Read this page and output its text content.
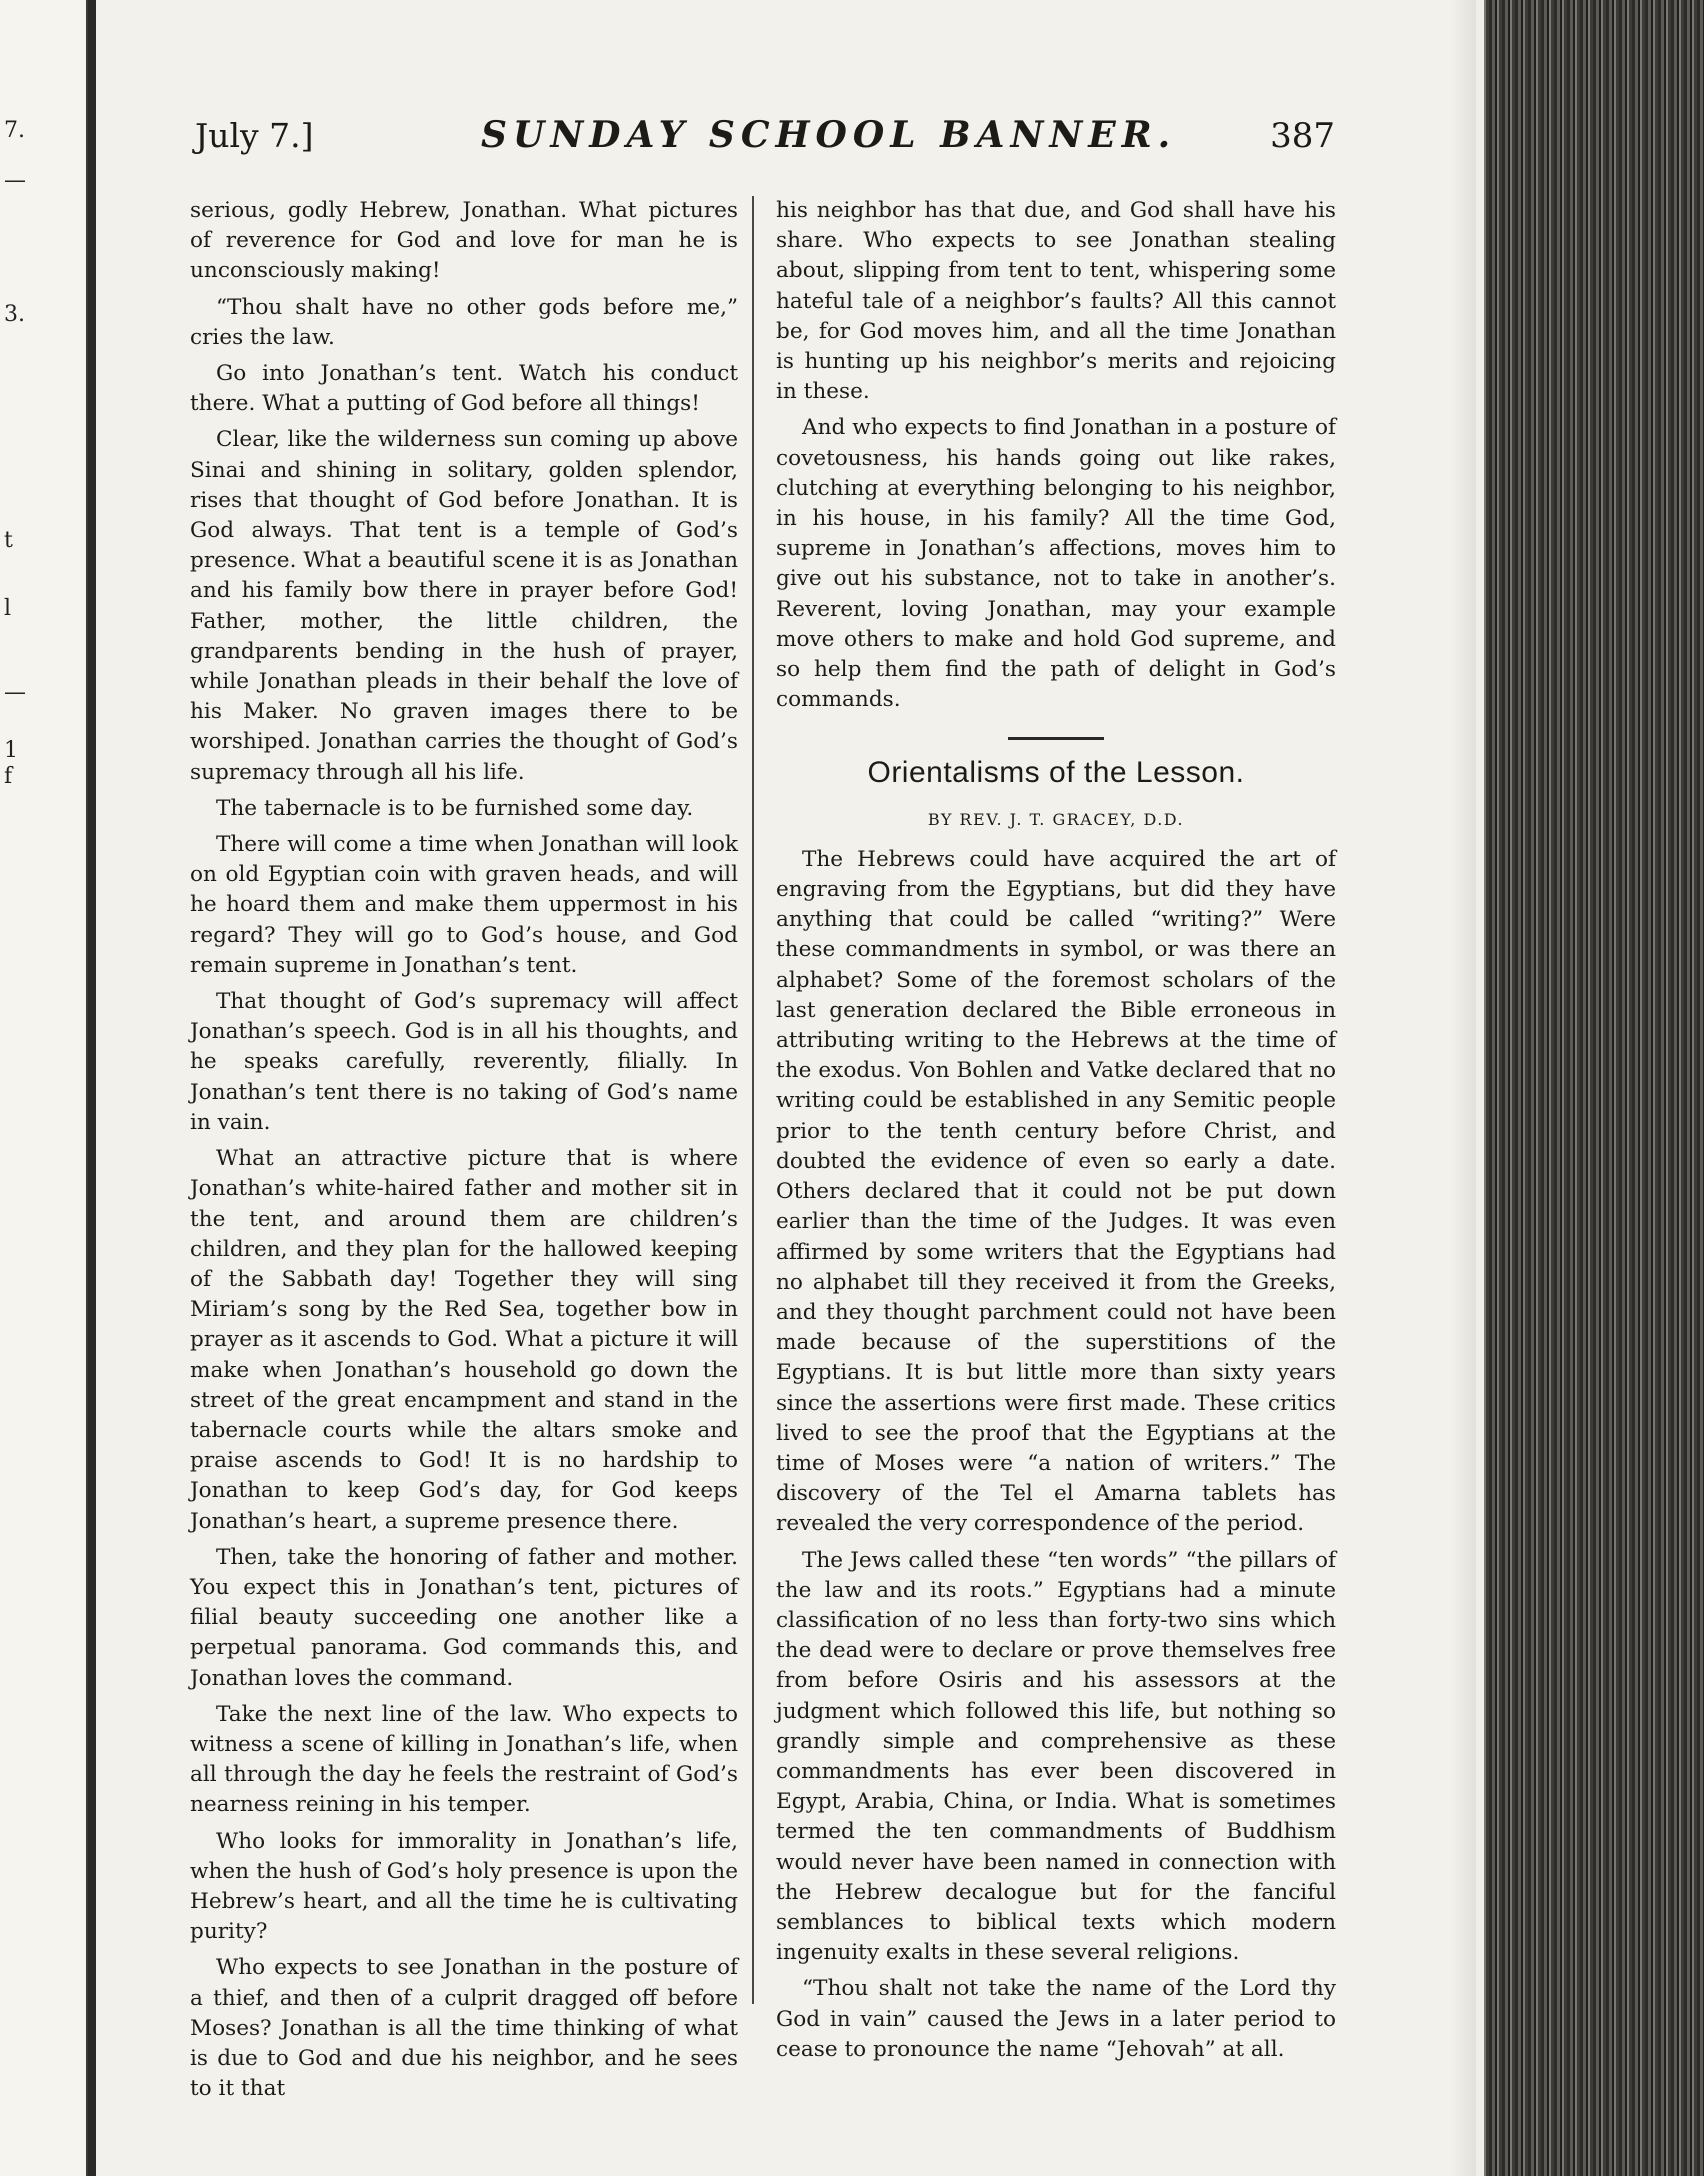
7.
—
3.
t
l
—
1
f
July 7.]	SUNDAY SCHOOL BANNER.	387

serious, godly Hebrew, Jonathan. What pictures of reverence for God and love for man he is unconsciously making!

“Thou shalt have no other gods before me,” cries the law.

Go into Jonathan’s tent. Watch his conduct there. What a putting of God before all things!

Clear, like the wilderness sun coming up above Sinai and shining in solitary, golden splendor, rises that thought of God before Jonathan. It is God always. That tent is a temple of God’s presence. What a beautiful scene it is as Jonathan and his family bow there in prayer before God! Father, mother, the little children, the grandparents bending in the hush of prayer, while Jonathan pleads in their behalf the love of his Maker. No graven images there to be worshiped. Jonathan carries the thought of God’s supremacy through all his life.

The tabernacle is to be furnished some day.

There will come a time when Jonathan will look on old Egyptian coin with graven heads, and will he hoard them and make them uppermost in his regard? They will go to God’s house, and God remain supreme in Jonathan’s tent.

That thought of God’s supremacy will affect Jonathan’s speech. God is in all his thoughts, and he speaks carefully, reverently, filially. In Jonathan’s tent there is no taking of God’s name in vain.

What an attractive picture that is where Jonathan’s white-haired father and mother sit in the tent, and around them are children’s children, and they plan for the hallowed keeping of the Sabbath day! Together they will sing Miriam’s song by the Red Sea, together bow in prayer as it ascends to God. What a picture it will make when Jonathan’s household go down the street of the great encampment and stand in the tabernacle courts while the altars smoke and praise ascends to God! It is no hardship to Jonathan to keep God’s day, for God keeps Jonathan’s heart, a supreme presence there.

Then, take the honoring of father and mother. You expect this in Jonathan’s tent, pictures of filial beauty succeeding one another like a perpetual panorama. God commands this, and Jonathan loves the command.

Take the next line of the law. Who expects to witness a scene of killing in Jonathan’s life, when all through the day he feels the restraint of God’s nearness reining in his temper.

Who looks for immorality in Jonathan’s life, when the hush of God’s holy presence is upon the Hebrew’s heart, and all the time he is cultivating purity?

Who expects to see Jonathan in the posture of a thief, and then of a culprit dragged off before Moses? Jonathan is all the time thinking of what is due to God and due his neighbor, and he sees to it that

his neighbor has that due, and God shall have his share. Who expects to see Jonathan stealing about, slipping from tent to tent, whispering some hateful tale of a neighbor’s faults? All this cannot be, for God moves him, and all the time Jonathan is hunting up his neighbor’s merits and rejoicing in these.

And who expects to find Jonathan in a posture of covetousness, his hands going out like rakes, clutching at everything belonging to his neighbor, in his house, in his family? All the time God, supreme in Jonathan’s affections, moves him to give out his substance, not to take in another’s. Reverent, loving Jonathan, may your example move others to make and hold God supreme, and so help them find the path of delight in God’s commands.

Orientalisms of the Lesson.
BY REV. J. T. GRACEY, D.D.

The Hebrews could have acquired the art of engraving from the Egyptians, but did they have anything that could be called “writing?” Were these commandments in symbol, or was there an alphabet? Some of the foremost scholars of the last generation declared the Bible erroneous in attributing writing to the Hebrews at the time of the exodus. Von Bohlen and Vatke declared that no writing could be established in any Semitic people prior to the tenth century before Christ, and doubted the evidence of even so early a date. Others declared that it could not be put down earlier than the time of the Judges. It was even affirmed by some writers that the Egyptians had no alphabet till they received it from the Greeks, and they thought parchment could not have been made because of the superstitions of the Egyptians. It is but little more than sixty years since the assertions were first made. These critics lived to see the proof that the Egyptians at the time of Moses were “a nation of writers.” The discovery of the Tel el Amarna tablets has revealed the very correspondence of the period.

The Jews called these “ten words” “the pillars of the law and its roots.” Egyptians had a minute classification of no less than forty-two sins which the dead were to declare or prove themselves free from before Osiris and his assessors at the judgment which followed this life, but nothing so grandly simple and comprehensive as these commandments has ever been discovered in Egypt, Arabia, China, or India. What is sometimes termed the ten commandments of Buddhism would never have been named in connection with the Hebrew decalogue but for the fanciful semblances to biblical texts which modern ingenuity exalts in these several religions.

“Thou shalt not take the name of the Lord thy God in vain” caused the Jews in a later period to cease to pronounce the name “Jehovah” at all.
